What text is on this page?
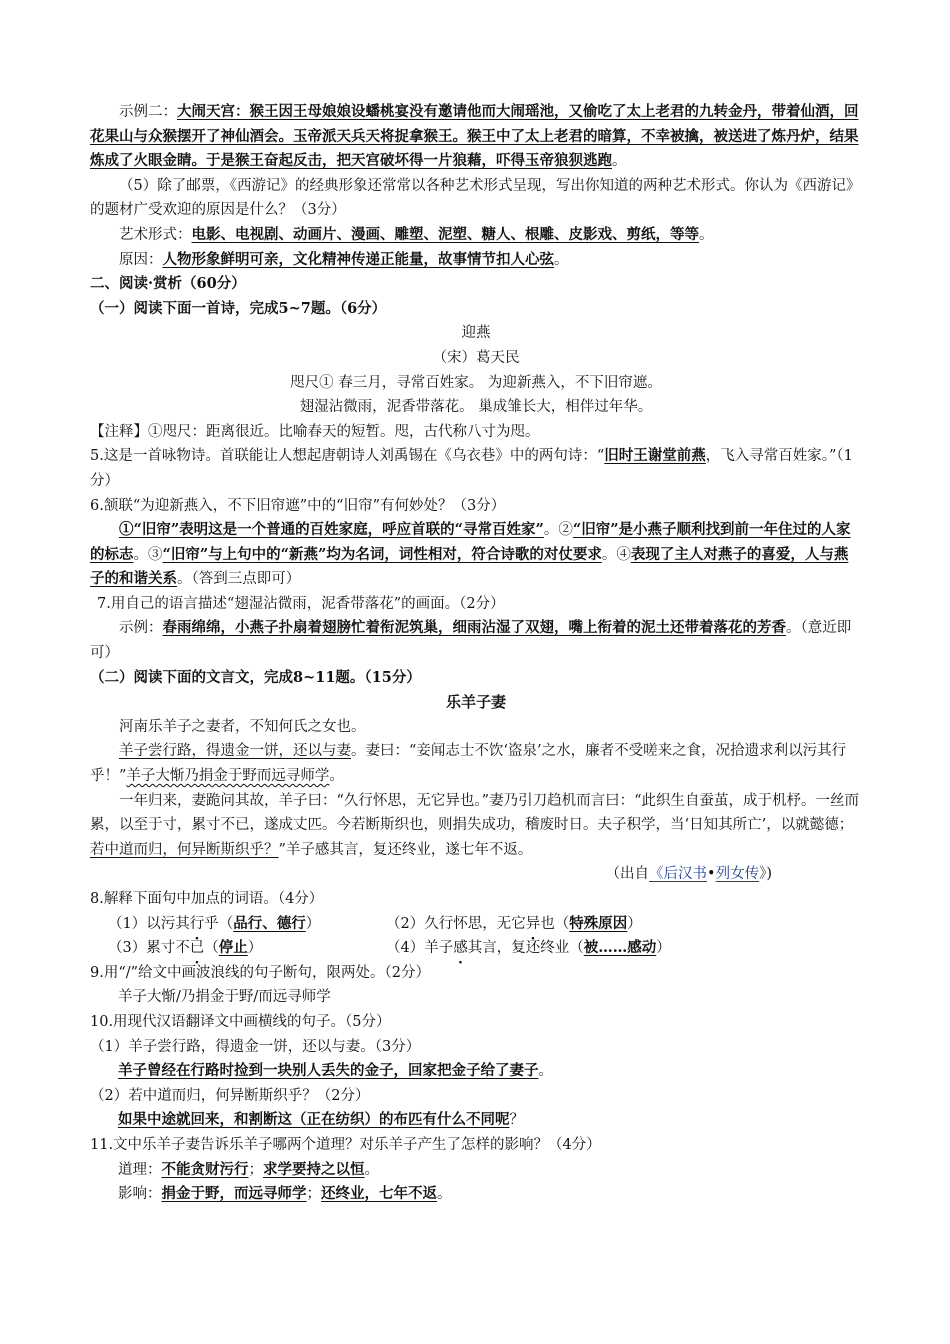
示例二：大闹天宫：猴王因王母娘娘设蟠桃宴没有邀请他而大闹瑶池，又偷吃了太上老君的九转金丹，带着仙酒，回花果山与众猴摆开了神仙酒会。玉帝派天兵天将捉拿猴王。猴王中了太上老君的暗算，不幸被擒，被送进了炼丹炉，结果炼成了火眼金睛。于是猴王奋起反击，把天宫破坏得一片狼藉，吓得玉帝狼狈逃跑。

（5）除了邮票，《西游记》的经典形象还常常以各种艺术形式呈现，写出你知道的两种艺术形式。你认为《西游记》的题材广受欢迎的原因是什么？（3分）

艺术形式：电影、电视剧、动画片、漫画、雕塑、泥塑、糖人、根雕、皮影戏、剪纸，等等。

原因：人物形象鲜明可亲，文化精神传递正能量，故事情节扣人心弦。

二、阅读·赏析（60分）

（一）阅读下面一首诗，完成5~7题。（6分）

迎燕

（宋）葛天民

咫尺① 春三月，寻常百姓家。 为迎新燕入，不下旧帘遮。

翅湿沾微雨，泥香带落花。 巢成雏长大，相伴过年华。

【注释】①咫尺：距离很近。比喻春天的短暂。咫，古代称八寸为咫。

5.这是一首咏物诗。首联能让人想起唐朝诗人刘禹锡在《乌衣巷》中的两句诗：“旧时王谢堂前燕，飞入寻常百姓家。”（1分）

6.颔联“为迎新燕入，不下旧帘遮”中的“旧帘”有何妙处？（3分）

①“旧帘”表明这是一个普通的百姓家庭，呼应首联的“寻常百姓家”。②“旧帘”是小燕子顺利找到前一年住过的人家的标志。③“旧帘”与上句中的“新燕”均为名词，词性相对，符合诗歌的对仗要求。④表现了主人对燕子的喜爱，人与燕子的和谐关系。（答到三点即可）

7.用自己的语言描述“翅湿沾微雨，泥香带落花”的画面。（2分）

示例：春雨绵绵，小燕子扑扇着翅膀忙着衔泥筑巢，细雨沾湿了双翅，嘴上衔着的泥土还带着落花的芳香。（意近即可）

（二）阅读下面的文言文，完成8~11题。（15分）

乐羊子妻

河南乐羊子之妻者，不知何氏之女也。

羊子尝行路，得遗金一饼，还以与妻。妻曰：“妾闻志士不饮‘盗泉’之水，廉者不受嗟来之食，况拾遗求利以污其行乎！”羊子大惭乃捐金于野而远寻师学。

一年归来，妻跪问其故，羊子曰：“久行怀思，无它异也。”妻乃引刀趋机而言曰：“此织生自蚕茧，成于机杼。一丝而累，以至于寸，累寸不已，遂成丈匹。今若断斯织也，则捐失成功，稽废时日。夫子积学，当‘日知其所亡’，以就懿德；若中道而归，何异断斯织乎？”羊子感其言，复还终业，遂七年不返。

（出自《后汉书•列女传》)

8.解释下面句中加点的词语。（4分）

（1）以污其行乎（品行、德行）	（2）久行怀思，无它异也（特殊原因）
（3）累寸不已（停止）	（4）羊子感其言，复还终业（被……感动）

9.用“/”给文中画波浪线的句子断句，限两处。（2分）

羊子大惭/乃捐金于野/而远寻师学

10.用现代汉语翻译文中画横线的句子。（5分）

（1）羊子尝行路，得遗金一饼，还以与妻。（3分）

羊子曾经在行路时捡到一块别人丢失的金子，回家把金子给了妻子。

（2）若中道而归，何异断斯织乎？（2分）

如果中途就回来，和割断这（正在纺织）的布匹有什么不同呢？

11.文中乐羊子妻告诉乐羊子哪两个道理？对乐羊子产生了怎样的影响？（4分）

道理：不能贪财污行；求学要持之以恒。

影响：捐金于野，而远寻师学；还终业，七年不返。
